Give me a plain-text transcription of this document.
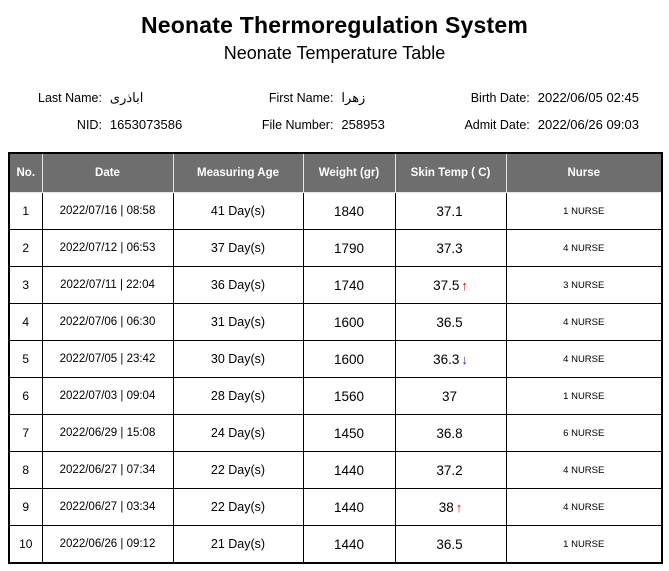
Neonate Thermoregulation System
Neonate Temperature Table
Last Name: اباذری
NID: 1653073586
First Name: زهرا
File Number: 258953
Birth Date: 2022/06/05 02:45
Admit Date: 2022/06/26 09:03
No.	Date	Measuring Age	Weight (gr)	Skin Temp ( C)	Nurse
1	2022/07/16 | 08:58	41 Day(s)	1840	37.1	1 NURSE
2	2022/07/12 | 06:53	37 Day(s)	1790	37.3	4 NURSE
3	2022/07/11 | 22:04	36 Day(s)	1740	37.5 ↑	3 NURSE
4	2022/07/06 | 06:30	31 Day(s)	1600	36.5	4 NURSE
5	2022/07/05 | 23:42	30 Day(s)	1600	36.3 ↓	4 NURSE
6	2022/07/03 | 09:04	28 Day(s)	1560	37	1 NURSE
7	2022/06/29 | 15:08	24 Day(s)	1450	36.8	6 NURSE
8	2022/06/27 | 07:34	22 Day(s)	1440	37.2	4 NURSE
9	2022/06/27 | 03:34	22 Day(s)	1440	38 ↑	4 NURSE
10	2022/06/26 | 09:12	21 Day(s)	1440	36.5	1 NURSE
